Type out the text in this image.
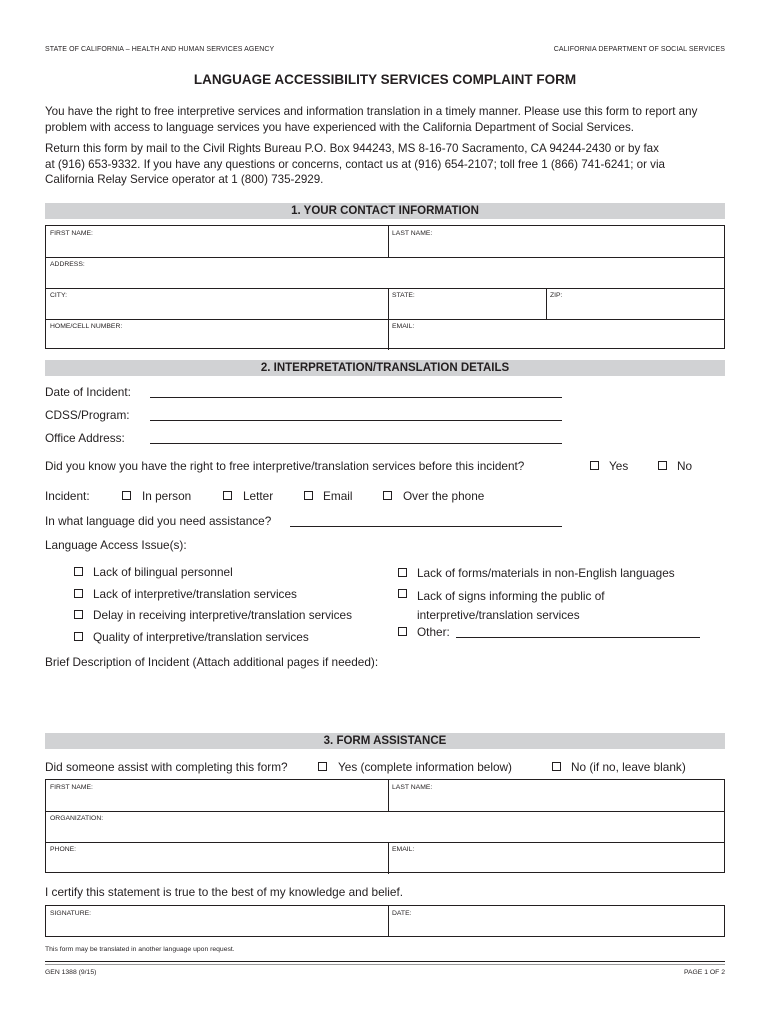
STATE OF CALIFORNIA – HEALTH AND HUMAN SERVICES AGENCY	CALIFORNIA DEPARTMENT OF SOCIAL SERVICES
LANGUAGE ACCESSIBILITY SERVICES COMPLAINT FORM
You have the right to free interpretive services and information translation in a timely manner. Please use this form to report any
problem with access to language services you have experienced with the California Department of Social Services.
Return this form by mail to the Civil Rights Bureau P.O. Box 944243, MS 8-16-70 Sacramento, CA 94244-2430 or by fax
at (916) 653-9332. If you have any questions or concerns, contact us at (916) 654-2107; toll free 1 (866) 741-6241; or via
California Relay Service operator at 1 (800) 735-2929.
1. YOUR CONTACT INFORMATION
FIRST NAME:	LAST NAME:
ADDRESS:
CITY:	STATE:	ZIP:
HOME/CELL NUMBER:	EMAIL:
2. INTERPRETATION/TRANSLATION DETAILS
Date of Incident:
CDSS/Program:
Office Address:
Did you know you have the right to free interpretive/translation services before this incident?	Yes	No
Incident:	In person	Letter	Email	Over the phone
In what language did you need assistance?
Language Access Issue(s):
Lack of bilingual personnel
Lack of interpretive/translation services
Delay in receiving interpretive/translation services
Quality of interpretive/translation services
Lack of forms/materials in non-English languages
Lack of signs informing the public of
interpretive/translation services
Other:
Brief Description of Incident (Attach additional pages if needed):
3. FORM ASSISTANCE
Did someone assist with completing this form?	Yes (complete information below)	No (if no, leave blank)
FIRST NAME:	LAST NAME:
ORGANIZATION:
PHONE:	EMAIL:
I certify this statement is true to the best of my knowledge and belief.
SIGNATURE:	DATE:
This form may be translated in another language upon request.
GEN 1388 (9/15)	PAGE 1 OF 2
